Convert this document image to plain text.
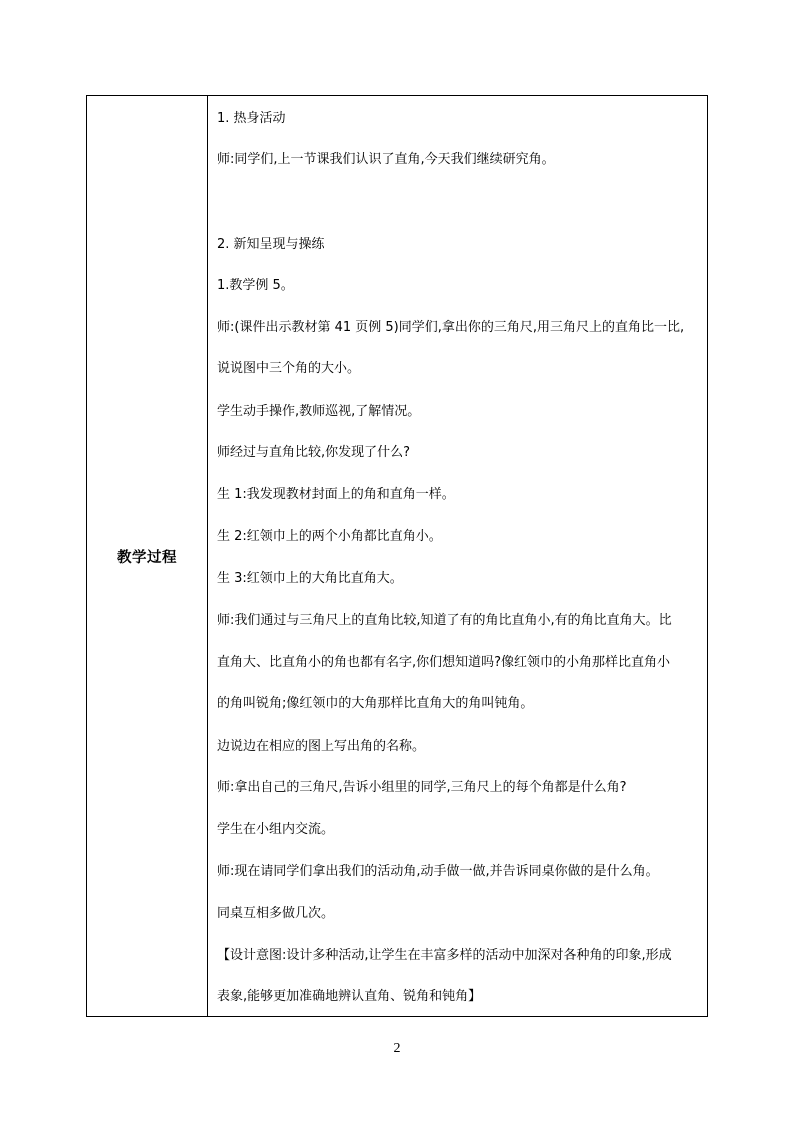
教学过程
1. 热身活动
师:同学们,上一节课我们认识了直角,今天我们继续研究角。
2. 新知呈现与操练
1.教学例 5。
师:(课件出示教材第 41 页例 5)同学们,拿出你的三角尺,用三角尺上的直角比一比,
说说图中三个角的大小。
学生动手操作,教师巡视,了解情况。
师经过与直角比较,你发现了什么?
生 1:我发现教材封面上的角和直角一样。
生 2:红领巾上的两个小角都比直角小。
生 3:红领巾上的大角比直角大。
师:我们通过与三角尺上的直角比较,知道了有的角比直角小,有的角比直角大。比
直角大、比直角小的角也都有名字,你们想知道吗?像红领巾的小角那样比直角小
的角叫锐角;像红领巾的大角那样比直角大的角叫钝角。
边说边在相应的图上写出角的名称。
师:拿出自己的三角尺,告诉小组里的同学,三角尺上的每个角都是什么角?
学生在小组内交流。
师:现在请同学们拿出我们的活动角,动手做一做,并告诉同桌你做的是什么角。
同桌互相多做几次。
【设计意图:设计多种活动,让学生在丰富多样的活动中加深对各种角的印象,形成
表象,能够更加准确地辨认直角、锐角和钝角】
2
